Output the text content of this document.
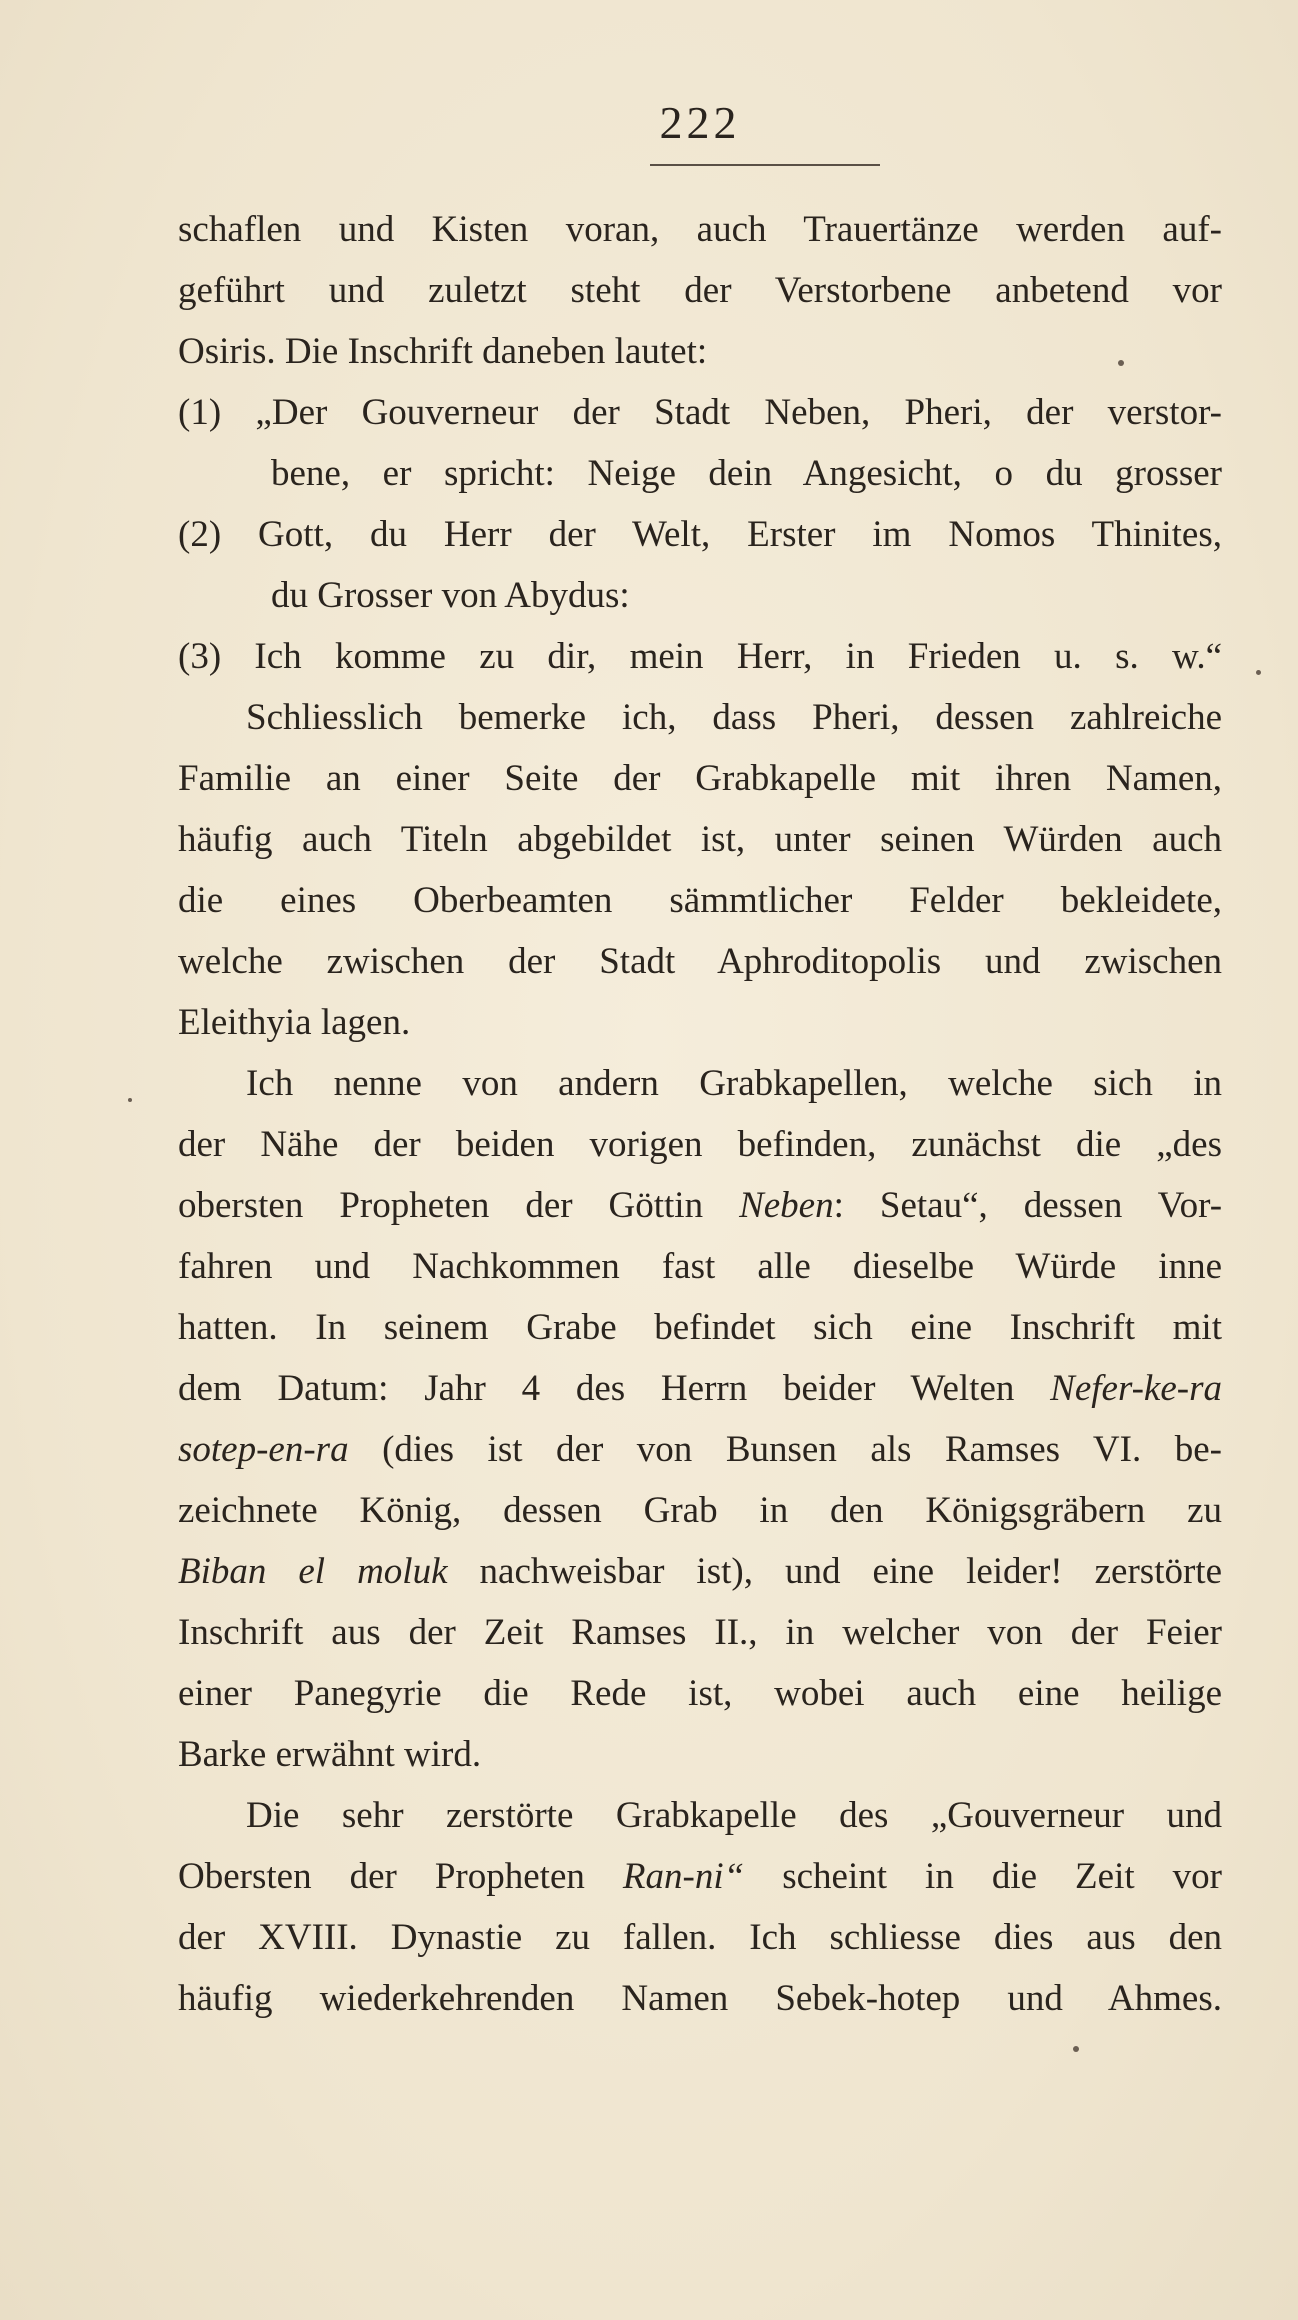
222
schaflen und Kisten voran, auch Trauertänze werden auf-
geführt und zuletzt steht der Verstorbene anbetend vor
Osiris. Die Inschrift daneben lautet:
(1) „Der Gouverneur der Stadt Neben, Pheri, der verstor-
bene, er spricht: Neige dein Angesicht, o du grosser
(2) Gott, du Herr der Welt, Erster im Nomos Thinites,
du Grosser von Abydus:
(3) Ich komme zu dir, mein Herr, in Frieden u. s. w.“
Schliesslich bemerke ich, dass Pheri, dessen zahlreiche
Familie an einer Seite der Grabkapelle mit ihren Namen,
häufig auch Titeln abgebildet ist, unter seinen Würden auch
die eines Oberbeamten sämmtlicher Felder bekleidete,
welche zwischen der Stadt Aphroditopolis und zwischen
Eleithyia lagen.
Ich nenne von andern Grabkapellen, welche sich in
der Nähe der beiden vorigen befinden, zunächst die „des
obersten Propheten der Göttin Neben: Setau“, dessen Vor-
fahren und Nachkommen fast alle dieselbe Würde inne
hatten. In seinem Grabe befindet sich eine Inschrift mit
dem Datum: Jahr 4 des Herrn beider Welten Nefer-ke-ra
sotep-en-ra (dies ist der von Bunsen als Ramses VI. be-
zeichnete König, dessen Grab in den Königsgräbern zu
Biban el moluk nachweisbar ist), und eine leider! zerstörte
Inschrift aus der Zeit Ramses II., in welcher von der Feier
einer Panegyrie die Rede ist, wobei auch eine heilige
Barke erwähnt wird.
Die sehr zerstörte Grabkapelle des „Gouverneur und
Obersten der Propheten Ran-ni“ scheint in die Zeit vor
der XVIII. Dynastie zu fallen. Ich schliesse dies aus den
häufig wiederkehrenden Namen Sebek-hotep und Ahmes.
